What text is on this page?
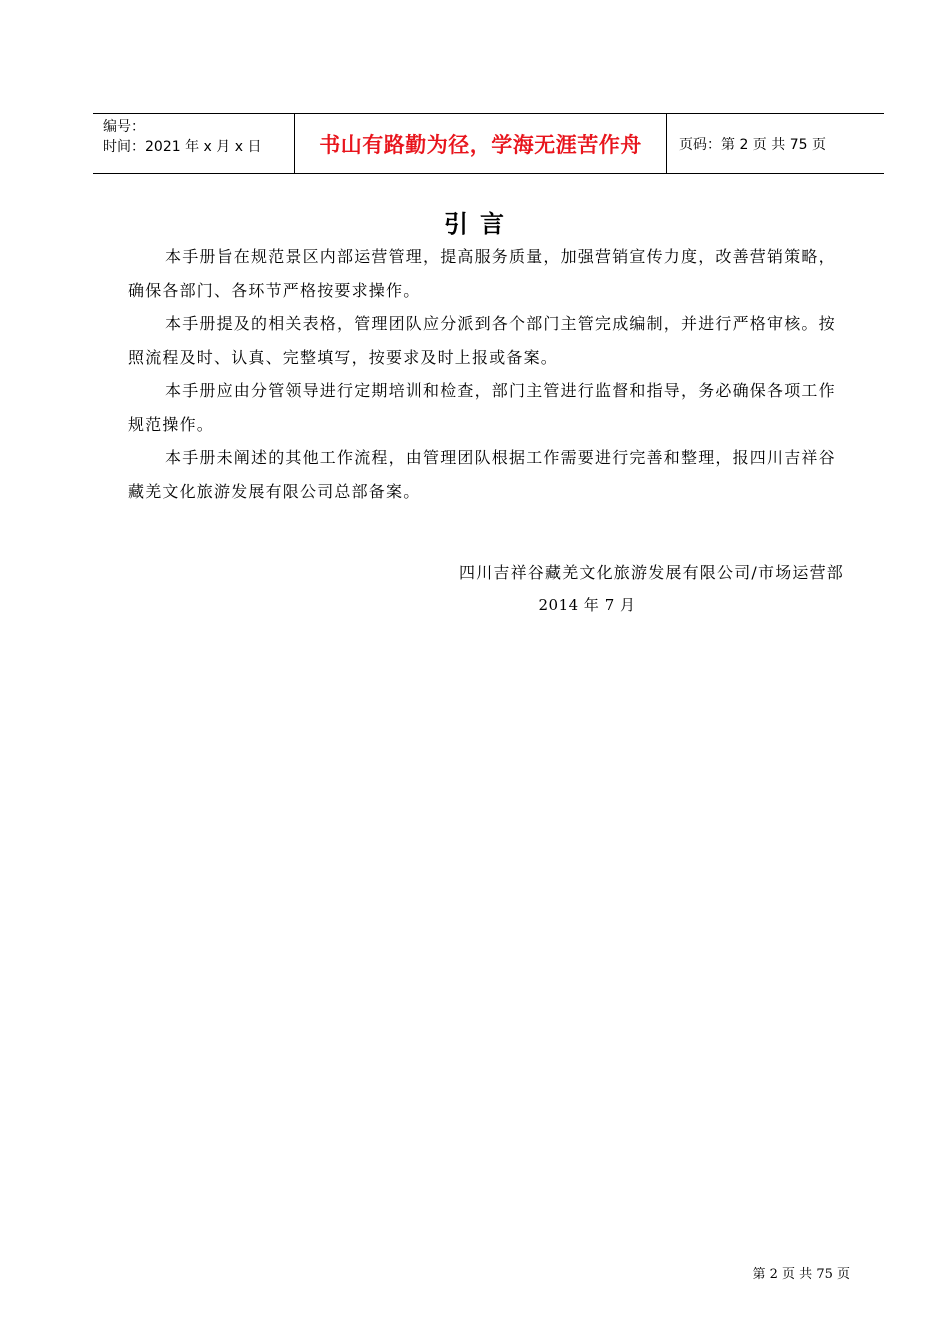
编号：
时间：2021 年 x 月 x 日	书山有路勤为径，学海无涯苦作舟	页码：第 2 页 共 75 页
引言

本手册旨在规范景区内部运营管理，提高服务质量，加强营销宣传力度，改善营销策略，确保各部门、各环节严格按要求操作。

本手册提及的相关表格，管理团队应分派到各个部门主管完成编制，并进行严格审核。按照流程及时、认真、完整填写，按要求及时上报或备案。

本手册应由分管领导进行定期培训和检查，部门主管进行监督和指导，务必确保各项工作规范操作。

本手册未阐述的其他工作流程，由管理团队根据工作需要进行完善和整理，报四川吉祥谷藏羌文化旅游发展有限公司总部备案。

四川吉祥谷藏羌文化旅游发展有限公司/市场运营部
2014 年 7 月
第 2 页 共 75 页
